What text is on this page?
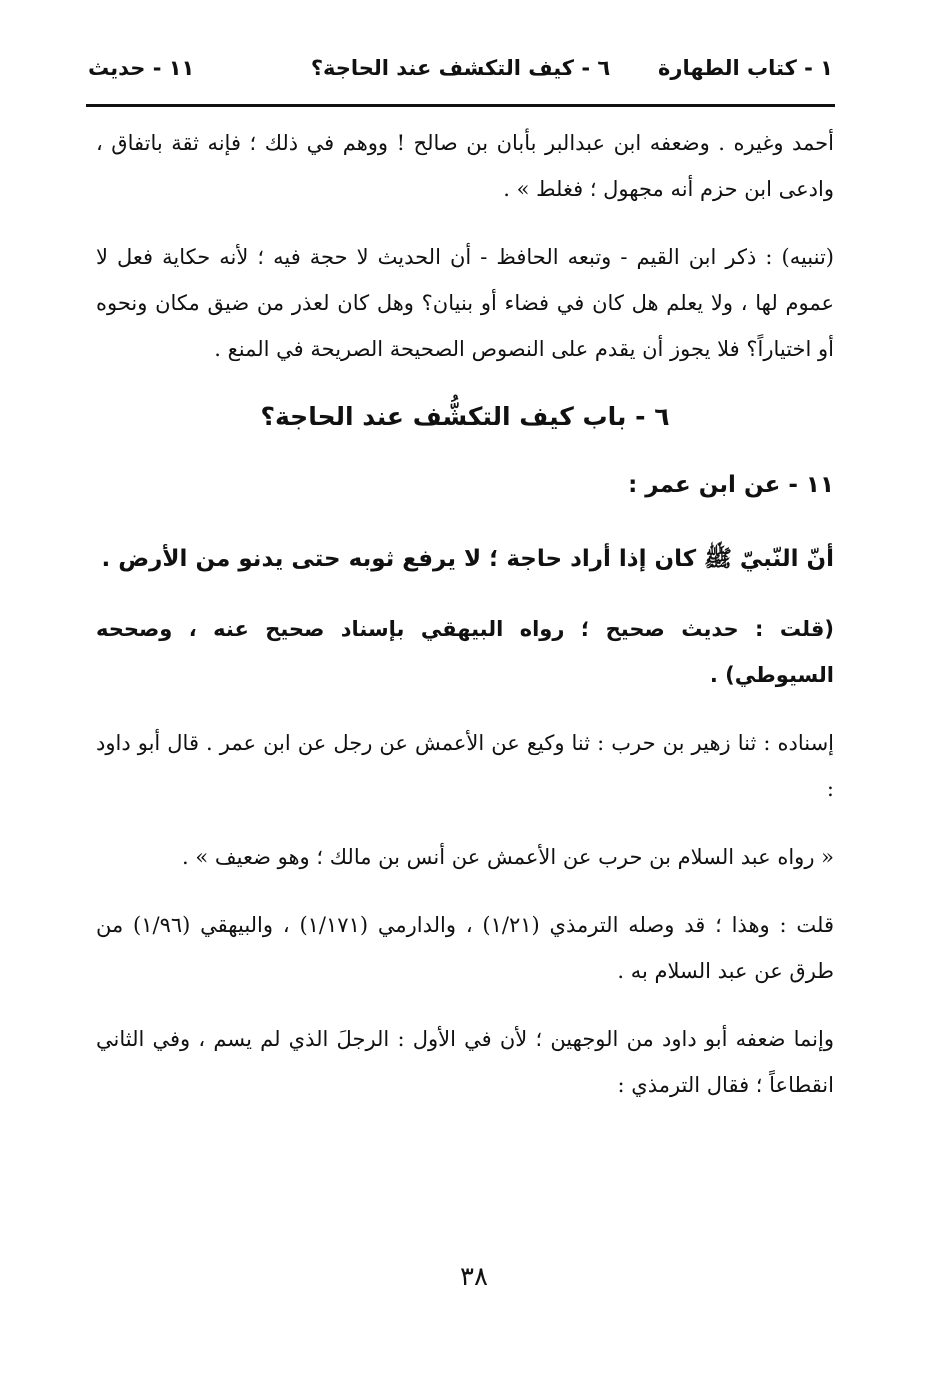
١ - كتاب الطهارة
٦ - كيف التكشف عند الحاجة؟
١١ - حديث

أحمد وغيره . وضعفه ابن عبدالبر بأبان بن صالح ! ووهم في ذلك ؛ فإنه ثقة باتفاق ، وادعى ابن حزم أنه مجهول ؛ فغلط » .

(تنبيه) : ذكر ابن القيم - وتبعه الحافظ - أن الحديث لا حجة فيه ؛ لأنه حكاية فعل لا عموم لها ، ولا يعلم هل كان في فضاء أو بنيان؟ وهل كان لعذر من ضيق مكان ونحوه أو اختياراً؟ فلا يجوز أن يقدم على النصوص الصحيحة الصريحة في المنع .

٦ - باب كيف التكشُّف عند الحاجة؟

١١ - عن ابن عمر :

أنّ النّبيّ ﷺ كان إذا أراد حاجة ؛ لا يرفع ثوبه حتى يدنو من الأرض .

(قلت : حديث صحيح ؛ رواه البيهقي بإسناد صحيح عنه ، وصححه السيوطي) .

إسناده : ثنا زهير بن حرب : ثنا وكيع عن الأعمش عن رجل عن ابن عمر . قال أبو داود :

« رواه عبد السلام بن حرب عن الأعمش عن أنس بن مالك ؛ وهو ضعيف » .

قلت : وهذا ؛ قد وصله الترمذي (١/٢١) ، والدارمي (١/١٧١) ، والبيهقي (١/٩٦) من طرق عن عبد السلام به .

وإنما ضعفه أبو داود من الوجهين ؛ لأن في الأول : الرجلَ الذي لم يسم ، وفي الثاني انقطاعاً ؛ فقال الترمذي :

٣٨
